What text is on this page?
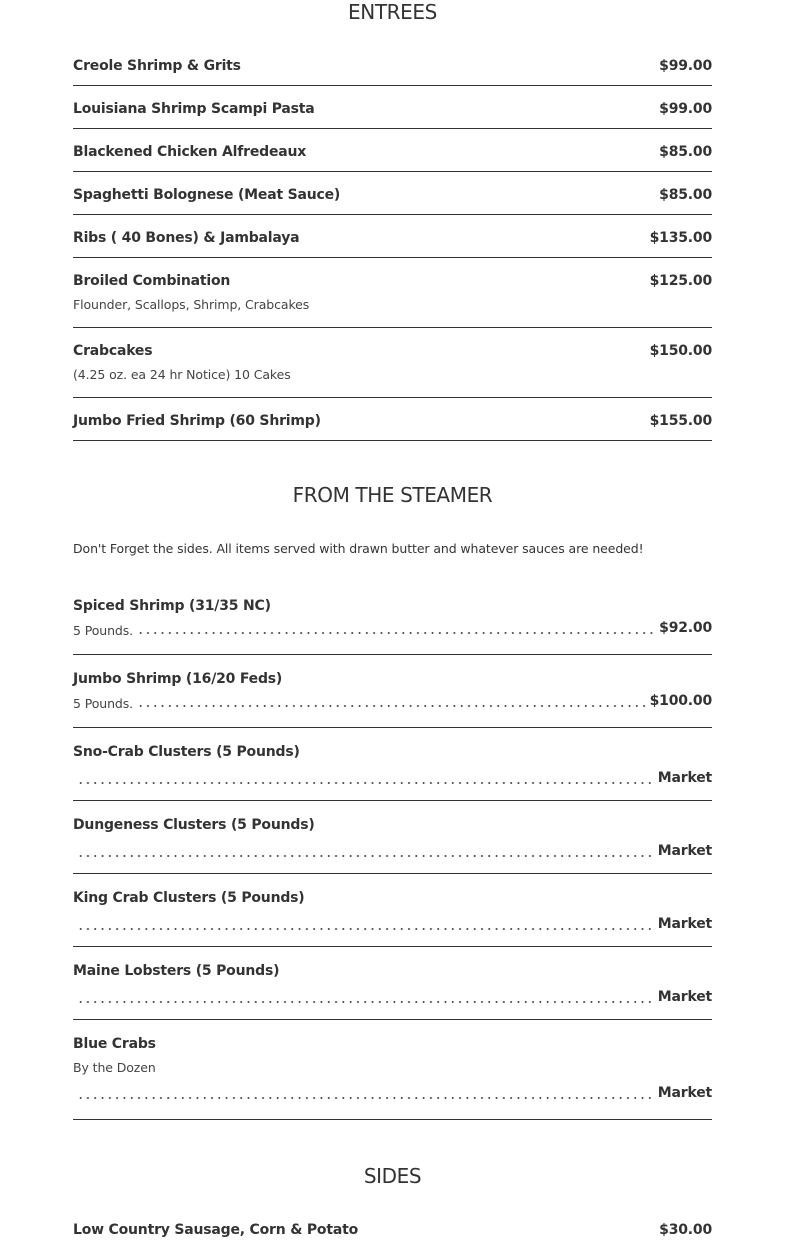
ENTREES
Creole Shrimp & Grits	$99.00
Louisiana Shrimp Scampi Pasta	$99.00
Blackened Chicken Alfredeaux	$85.00
Spaghetti Bolognese (Meat Sauce)	$85.00
Ribs ( 40 Bones) & Jambalaya	$135.00
Broiled Combination	$125.00
Flounder, Scallops, Shrimp, Crabcakes
Crabcakes	$150.00
(4.25 oz. ea 24 hr Notice) 10 Cakes
Jumbo Fried Shrimp (60 Shrimp)	$155.00
FROM THE STEAMER
Don't Forget the sides. All items served with drawn butter and whatever sauces are needed!
Spiced Shrimp (31/35 NC)
5 Pounds.	$92.00
Jumbo Shrimp (16/20 Feds)
5 Pounds.	$100.00
Sno-Crab Clusters (5 Pounds)
Market
Dungeness Clusters (5 Pounds)
Market
King Crab Clusters (5 Pounds)
Market
Maine Lobsters (5 Pounds)
Market
Blue Crabs
By the Dozen
Market
SIDES
Low Country Sausage, Corn & Potato	$30.00
